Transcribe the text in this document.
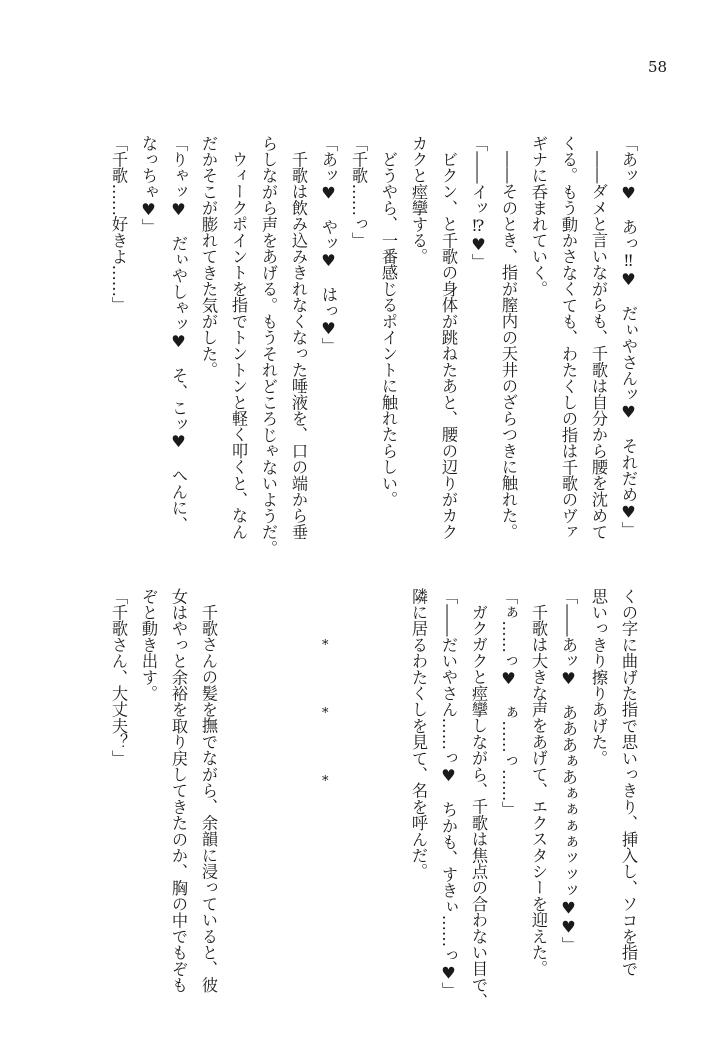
58
「あッ♥　あっ‼♥　だぃやさんッ♥　それだめ♥」
――ダメと言いながらも、千歌は自分から腰を沈めて
くる。もう動かさなくても、わたくしの指は千歌のヴァ
ギナに呑まれていく。
――そのとき、指が膣内の天井のざらつきに触れた。
「――イッ⁉♥」
ビクン、と千歌の身体が跳ねたあと、腰の辺りがカク
カクと痙攣する。
どうやら、一番感じるポイントに触れたらしい。
「千歌……っ」
「あッ♥　やッ♥　はっ♥」
千歌は飲み込みきれなくなった唾液を、口の端から垂
らしながら声をあげる。もうそれどころじゃないようだ。
ウィークポイントを指でトントンと軽く叩くと、なん
だかそこが膨れてきた気がした。
「りゃッ♥　だぃやしゃッ♥　そ、こッ♥　へんに、
なっちゃ♥」
「千歌……好きよ……」
くの字に曲げた指で思いっきり、挿入し、ソコを指で
思いっきり擦りあげた。
「――あッ♥　あああぁあぁぁぁぁッッッ♥♥」
千歌は大きな声をあげて、エクスタシーを迎えた。
「ぁ……っ♥　ぁ……っ……」
ガクガクと痙攣しながら、千歌は焦点の合わない目で、
「――だいやさん……っ♥　ちかも、すきぃ……っ♥」
隣に居るわたくしを見て、名を呼んだ。
千歌さんの髪を撫でながら、余韻に浸っていると、彼
女はやっと余裕を取り戻してきたのか、胸の中でもぞも
ぞと動き出す。
「千歌さん、大丈夫？」	*
*
*
